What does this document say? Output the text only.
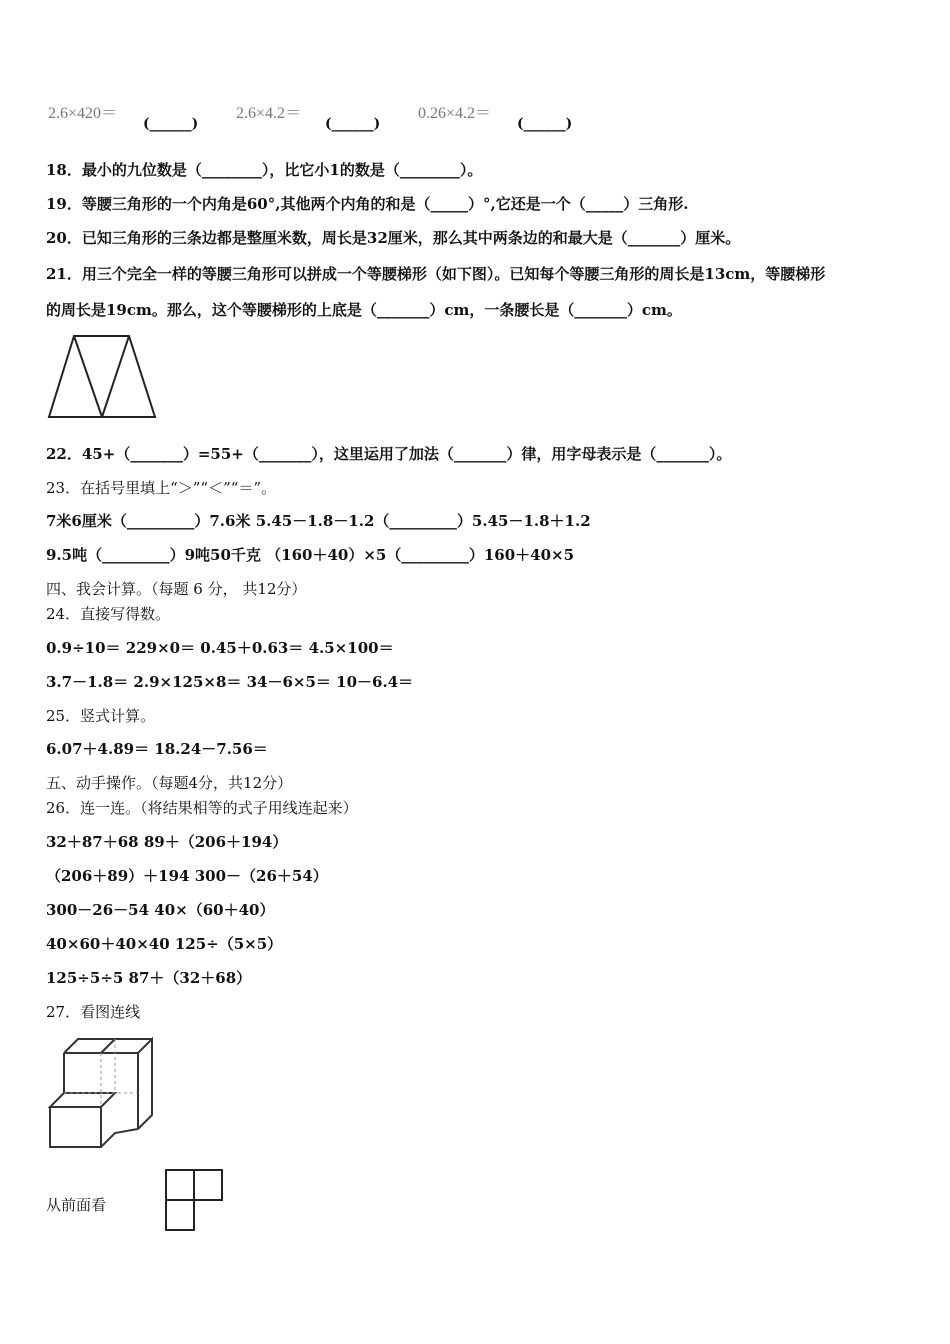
2.6×420＝
(______)
2.6×4.2＝
(______)
0.26×4.2＝
(______)
18．最小的九位数是（________），比它小1的数是（________）。
19．等腰三角形的一个内角是60°,其他两个内角的和是（_____）°,它还是一个（_____）三角形.
20．已知三角形的三条边都是整厘米数，周长是32厘米，那么其中两条边的和最大是（_______）厘米。
21．用三个完全一样的等腰三角形可以拼成一个等腰梯形（如下图）。已知每个等腰三角形的周长是13cm，等腰梯形
的周长是19cm。那么，这个等腰梯形的上底是（_______）cm，一条腰长是（_______）cm。
22．45+（_______）=55+（_______），这里运用了加法（_______）律，用字母表示是（_______）。
23．在括号里填上“＞”“＜”“＝”。
7米6厘米（_________）7.6米 5.45－1.8－1.2（_________）5.45－1.8＋1.2
9.5吨（_________）9吨50千克 （160＋40）×5（_________）160＋40×5
四、我会计算。（每题 6 分， 共12分）
24．直接写得数。
0.9÷10＝ 229×0＝ 0.45＋0.63＝ 4.5×100＝
3.7－1.8＝ 2.9×125×8＝ 34－6×5＝ 10－6.4＝
25．竖式计算。
6.07＋4.89＝ 18.24－7.56＝
五、动手操作。（每题4分，共12分）
26．连一连。（将结果相等的式子用线连起来）
32＋87＋68 89＋（206＋194）
（206＋89）＋194 300－（26＋54）
300－26－54 40×（60＋40）
40×60＋40×40 125÷（5×5）
125÷5÷5 87＋（32＋68）
27．看图连线
从前面看
